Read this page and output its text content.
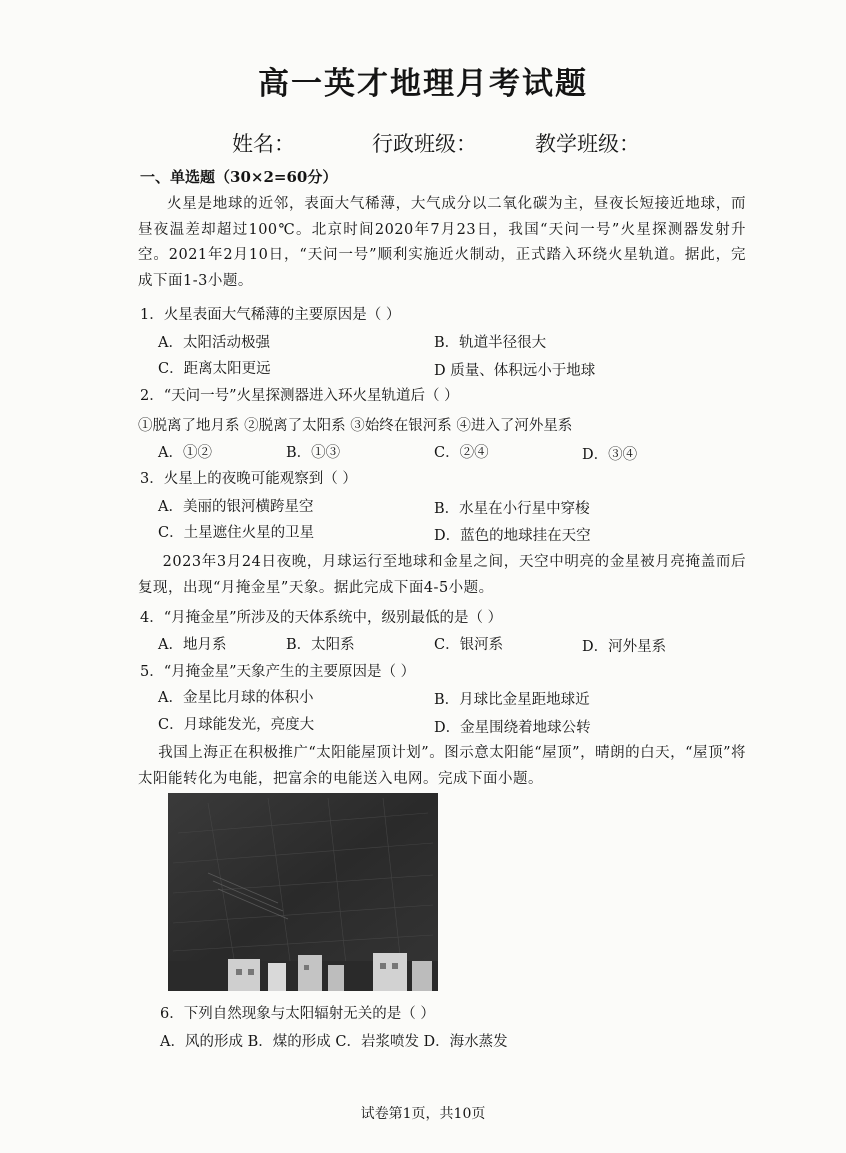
高一英才地理月考试题
姓名：	行政班级：	教学班级：
一、单选题（30×2=60分）
火星是地球的近邻，表面大气稀薄，大气成分以二氧化碳为主，昼夜长短接近地球，而昼夜温差却超过100℃。北京时间2020年7月23日，我国“天问一号”火星探测器发射升空。2021年2月10日，“天问一号”顺利实施近火制动，正式踏入环绕火星轨道。据此，完成下面1-3小题。
1．火星表面大气稀薄的主要原因是（ ）
A．太阳活动极强	B．轨道半径很大
C．距离太阳更远	D 质量、体积远小于地球
2．“天问一号”火星探测器进入环火星轨道后（ ）
①脱离了地月系 ②脱离了太阳系 ③始终在银河系 ④进入了河外星系
A．①②	B．①③	C．②④	D．③④
3．火星上的夜晚可能观察到（ ）
A．美丽的银河横跨星空	B．水星在小行星中穿梭
C．土星遮住火星的卫星	D．蓝色的地球挂在天空
2023年3月24日夜晚，月球运行至地球和金星之间，天空中明亮的金星被月亮掩盖而后复现，出现“月掩金星”天象。据此完成下面4-5小题。
4．“月掩金星”所涉及的天体系统中，级别最低的是（ ）
A．地月系	B．太阳系	C．银河系	D．河外星系
5．“月掩金星”天象产生的主要原因是（ ）
A．金星比月球的体积小	B．月球比金星距地球近
C．月球能发光，亮度大	D．金星围绕着地球公转
我国上海正在积极推广“太阳能屋顶计划”。图示意太阳能“屋顶”，晴朗的白天，“屋顶”将太阳能转化为电能，把富余的电能送入电网。完成下面小题。
6．下列自然现象与太阳辐射无关的是（ ）
A．风的形成 B．煤的形成 C．岩浆喷发 D．海水蒸发
试卷第1页，共10页
